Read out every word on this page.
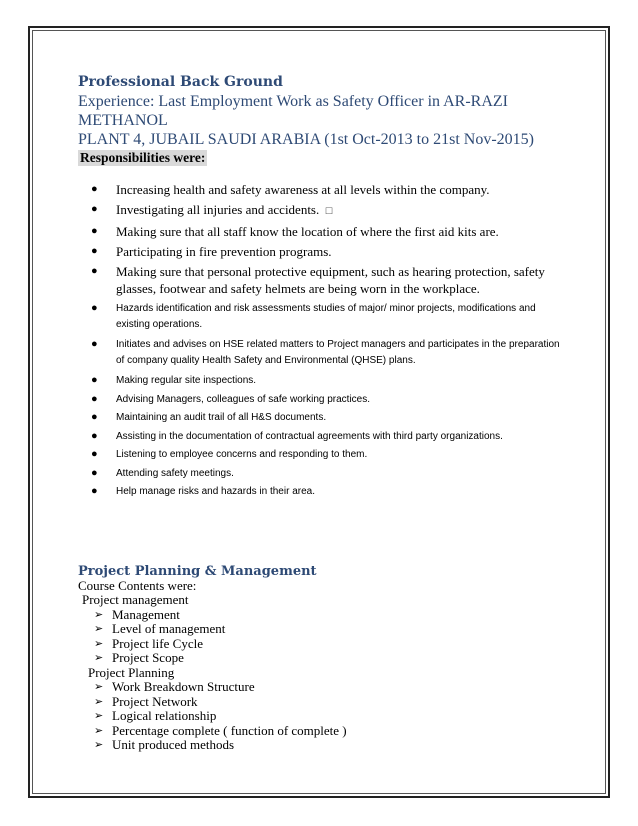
Professional Back Ground
Experience: Last Employment Work as Safety Officer in AR-RAZI METHANOL
PLANT 4, JUBAIL SAUDI ARABIA (1st Oct-2013 to 21st Nov-2015)
Responsibilities were:
● Increasing health and safety awareness at all levels within the company.
● Investigating all injuries and accidents. □
● Making sure that all staff know the location of where the first aid kits are.
● Participating in fire prevention programs.
● Making sure that personal protective equipment, such as hearing protection, safety glasses, footwear and safety helmets are being worn in the workplace.
● Hazards identification and risk assessments studies of major/ minor projects, modifications and existing operations.
● Initiates and advises on HSE related matters to Project managers and participates in the preparation of company quality Health Safety and Environmental (QHSE) plans.
● Making regular site inspections.
● Advising Managers, colleagues of safe working practices.
● Maintaining an audit trail of all H&S documents.
● Assisting in the documentation of contractual agreements with third party organizations.
● Listening to employee concerns and responding to them.
● Attending safety meetings.
● Help manage risks and hazards in their area.
Project Planning & Management
Course Contents were:
Project management
➢ Management
➢ Level of management
➢ Project life Cycle
➢ Project Scope
Project Planning
➢ Work Breakdown Structure
➢ Project Network
➢ Logical relationship
➢ Percentage complete ( function of complete )
➢ Unit produced methods
